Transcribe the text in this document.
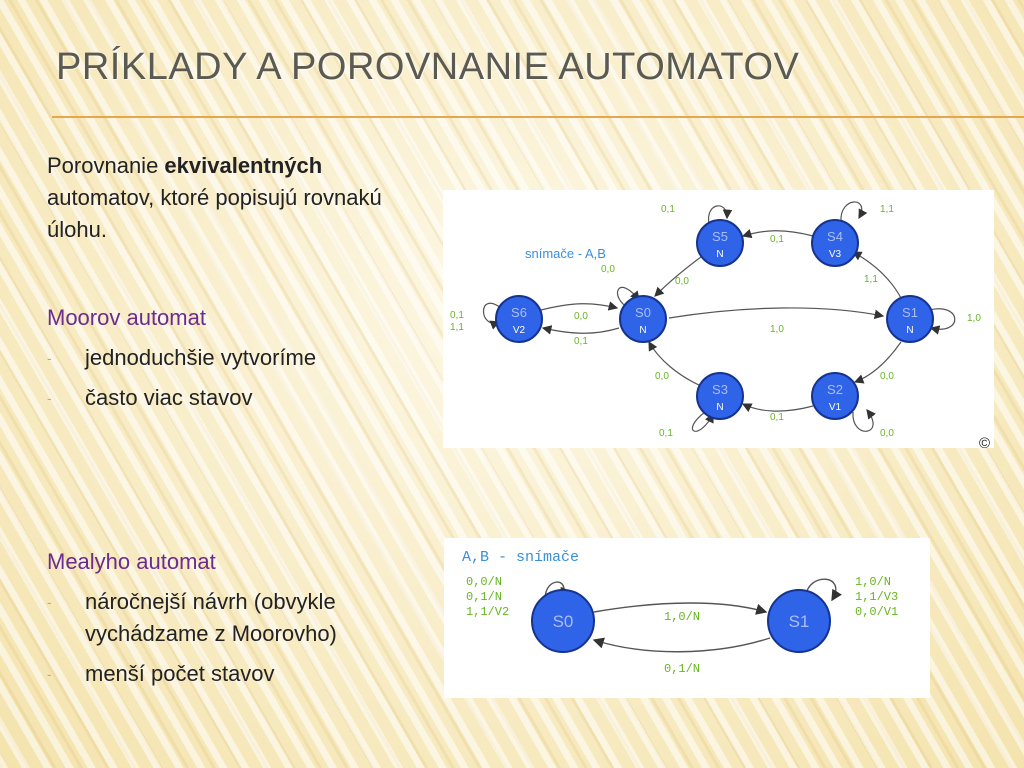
PRÍKLADY A POROVNANIE AUTOMATOV
Porovnanie ekvivalentných automatov, ktoré popisujú rovnakú úlohu.
Moorov automat
- jednoduchšie vytvoríme
- často viac stavov
Mealyho automat
- náročnejší návrh (obvykle vychádzame z Moorovho)
- menší počet stavov
S5
N
S4
V3
S6
V2
S0
N
S1
N
S3
N
S2
V1
0,1	1,1
0,0
0,0
0,1
1,1
0,1
1,1
0,0
0,1
1,0
1,0
0,0	0,0
0,1
0,1	0,0
snímače - A,B
©
S0	S1
A,B - snímače
0,0/N
0,1/N
1,1/V2
1,0/N
1,1/V3
0,0/V1
1,0/N
0,1/N
